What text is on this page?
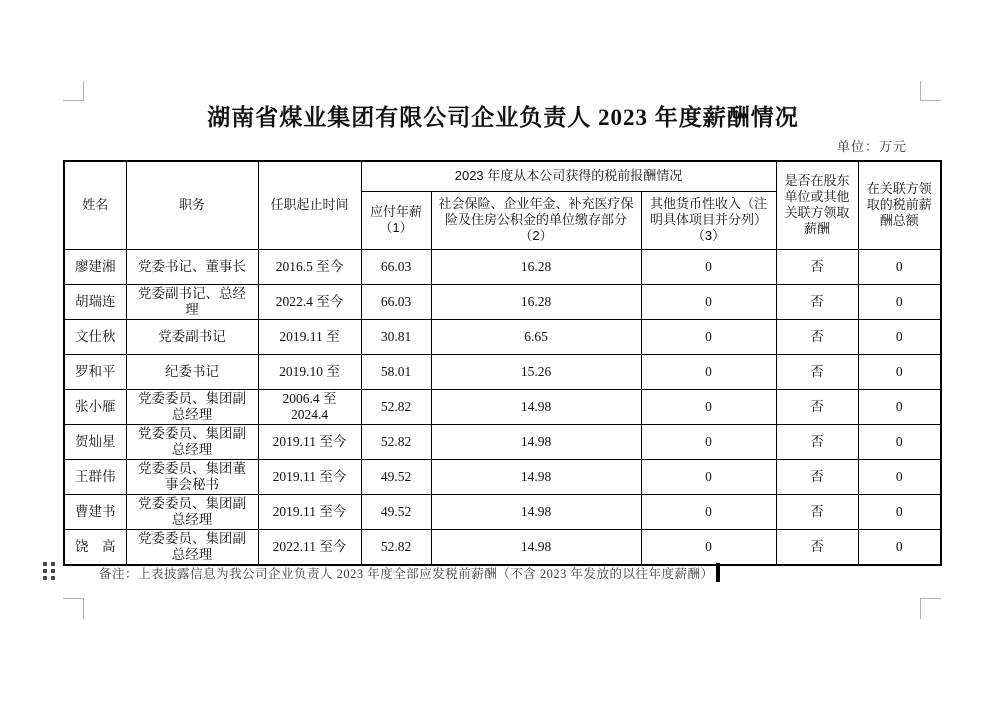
湖南省煤业集团有限公司企业负责人 2023 年度薪酬情况
单位：万元
姓名	职务	任职起止时间	2023 年度从本公司获得的税前报酬情况			是否在股东单位或其他关联方领取薪酬	在关联方领取的税前薪酬总额
			应付年薪（1）	社会保险、企业年金、补充医疗保险及住房公积金的单位缴存部分（2）	其他货币性收入（注明具体项目并分列）（3）		
廖建湘	党委书记、董事长	2016.5 至今	66.03	16.28	0	否	0
胡瑞连	党委副书记、总经理	2022.4 至今	66.03	16.28	0	否	0
文仕秋	党委副书记	2019.11 至	30.81	6.65	0	否	0
罗和平	纪委书记	2019.10 至	58.01	15.26	0	否	0
张小雁	党委委员、集团副总经理	2006.4 至 2024.4	52.82	14.98	0	否	0
贺灿星	党委委员、集团副总经理	2019.11 至今	52.82	14.98	0	否	0
王群伟	党委委员、集团董事会秘书	2019.11 至今	49.52	14.98	0	否	0
曹建书	党委委员、集团副总经理	2019.11 至今	49.52	14.98	0	否	0
饶　高	党委委员、集团副总经理	2022.11 至今	52.82	14.98	0	否	0
备注：上表披露信息为我公司企业负责人 2023 年度全部应发税前薪酬（不含 2023 年发放的以往年度薪酬）
